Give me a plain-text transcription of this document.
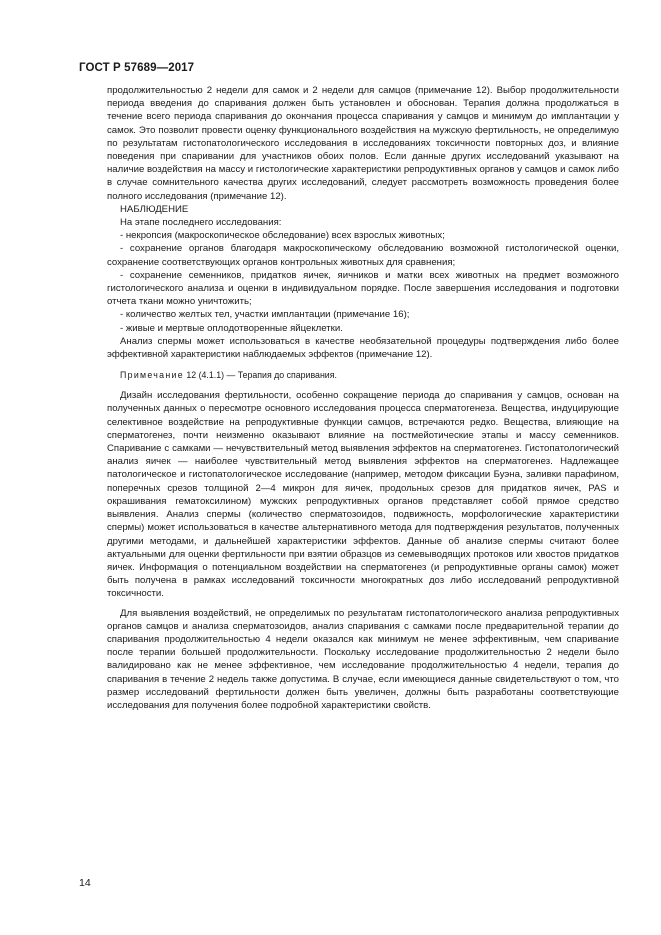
ГОСТ Р 57689—2017

продолжительностью 2 недели для самок и 2 недели для самцов (примечание 12). Выбор продолжительности периода введения до спаривания должен быть установлен и обоснован. Терапия должна продолжаться в течение всего периода спаривания до окончания процесса спаривания у самцов и минимум до имплантации у самок. Это позволит провести оценку функционального воздействия на мужскую фертильность, не определимую по результатам гистопатологического исследования в исследованиях токсичности повторных доз, и влияние поведения при спаривании для участников обоих полов. Если данные других исследований указывают на наличие воздействия на массу и гистологические характеристики репродуктивных органов у самцов и самок либо в случае сомнительного качества других исследований, следует рассмотреть возможность проведения более полного исследования (примечание 12).

НАБЛЮДЕНИЕ

На этапе последнего исследования:

- некропсия (макроскопическое обследование) всех взрослых животных;

- сохранение органов благодаря макроскопическому обследованию возможной гистологической оценки, сохранение соответствующих органов контрольных животных для сравнения;

- сохранение семенников, придатков яичек, яичников и матки всех животных на предмет возможного гистологического анализа и оценки в индивидуальном порядке. После завершения исследования и подготовки отчета ткани можно уничтожить;

- количество желтых тел, участки имплантации (примечание 16);

- живые и мертвые оплодотворенные яйцеклетки.

Анализ спермы может использоваться в качестве необязательной процедуры подтверждения либо более эффективной характеристики наблюдаемых эффектов (примечание 12).

Примечание 12 (4.1.1) — Терапия до спаривания.

Дизайн исследования фертильности, особенно сокращение периода до спаривания у самцов, основан на полученных данных о пересмотре основного исследования процесса сперматогенеза. Вещества, индуцирующие селективное воздействие на репродуктивные функции самцов, встречаются редко. Вещества, влияющие на сперматогенез, почти неизменно оказывают влияние на постмейотические этапы и массу семенников. Спаривание с самками — нечувствительный метод выявления эффектов на сперматогенез. Гистопатологический анализ яичек — наиболее чувствительный метод выявления эффектов на сперматогенез. Надлежащее патологическое и гистопатологическое исследование (например, методом фиксации Буэна, заливки парафином, поперечных срезов толщиной 2—4 микрон для яичек, продольных срезов для придатков яичек, PAS и окрашивания гематоксилином) мужских репродуктивных органов представляет собой прямое средство выявления. Анализ спермы (количество сперматозоидов, подвижность, морфологические характеристики спермы) может использоваться в качестве альтернативного метода для подтверждения результатов, полученных другими методами, и дальнейшей характеристики эффектов. Данные об анализе спермы считают более актуальными для оценки фертильности при взятии образцов из семевыводящих протоков или хвостов придатков яичек. Информация о потенциальном воздействии на сперматогенез (и репродуктивные органы самок) может быть получена в рамках исследований токсичности многократных доз либо исследований репродуктивной токсичности.

Для выявления воздействий, не определимых по результатам гистопатологического анализа репродуктивных органов самцов и анализа сперматозоидов, анализ спаривания с самками после предварительной терапии до спаривания продолжительностью 4 недели оказался как минимум не менее эффективным, чем спаривание после терапии большей продолжительности. Поскольку исследование продолжительностью 2 недели было валидировано как не менее эффективное, чем исследование продолжительностью 4 недели, терапия до спаривания в течение 2 недель также допустима. В случае, если имеющиеся данные свидетельствуют о том, что размер исследований фертильности должен быть увеличен, должны быть разработаны соответствующие исследования для получения более подробной характеристики свойств.

14
